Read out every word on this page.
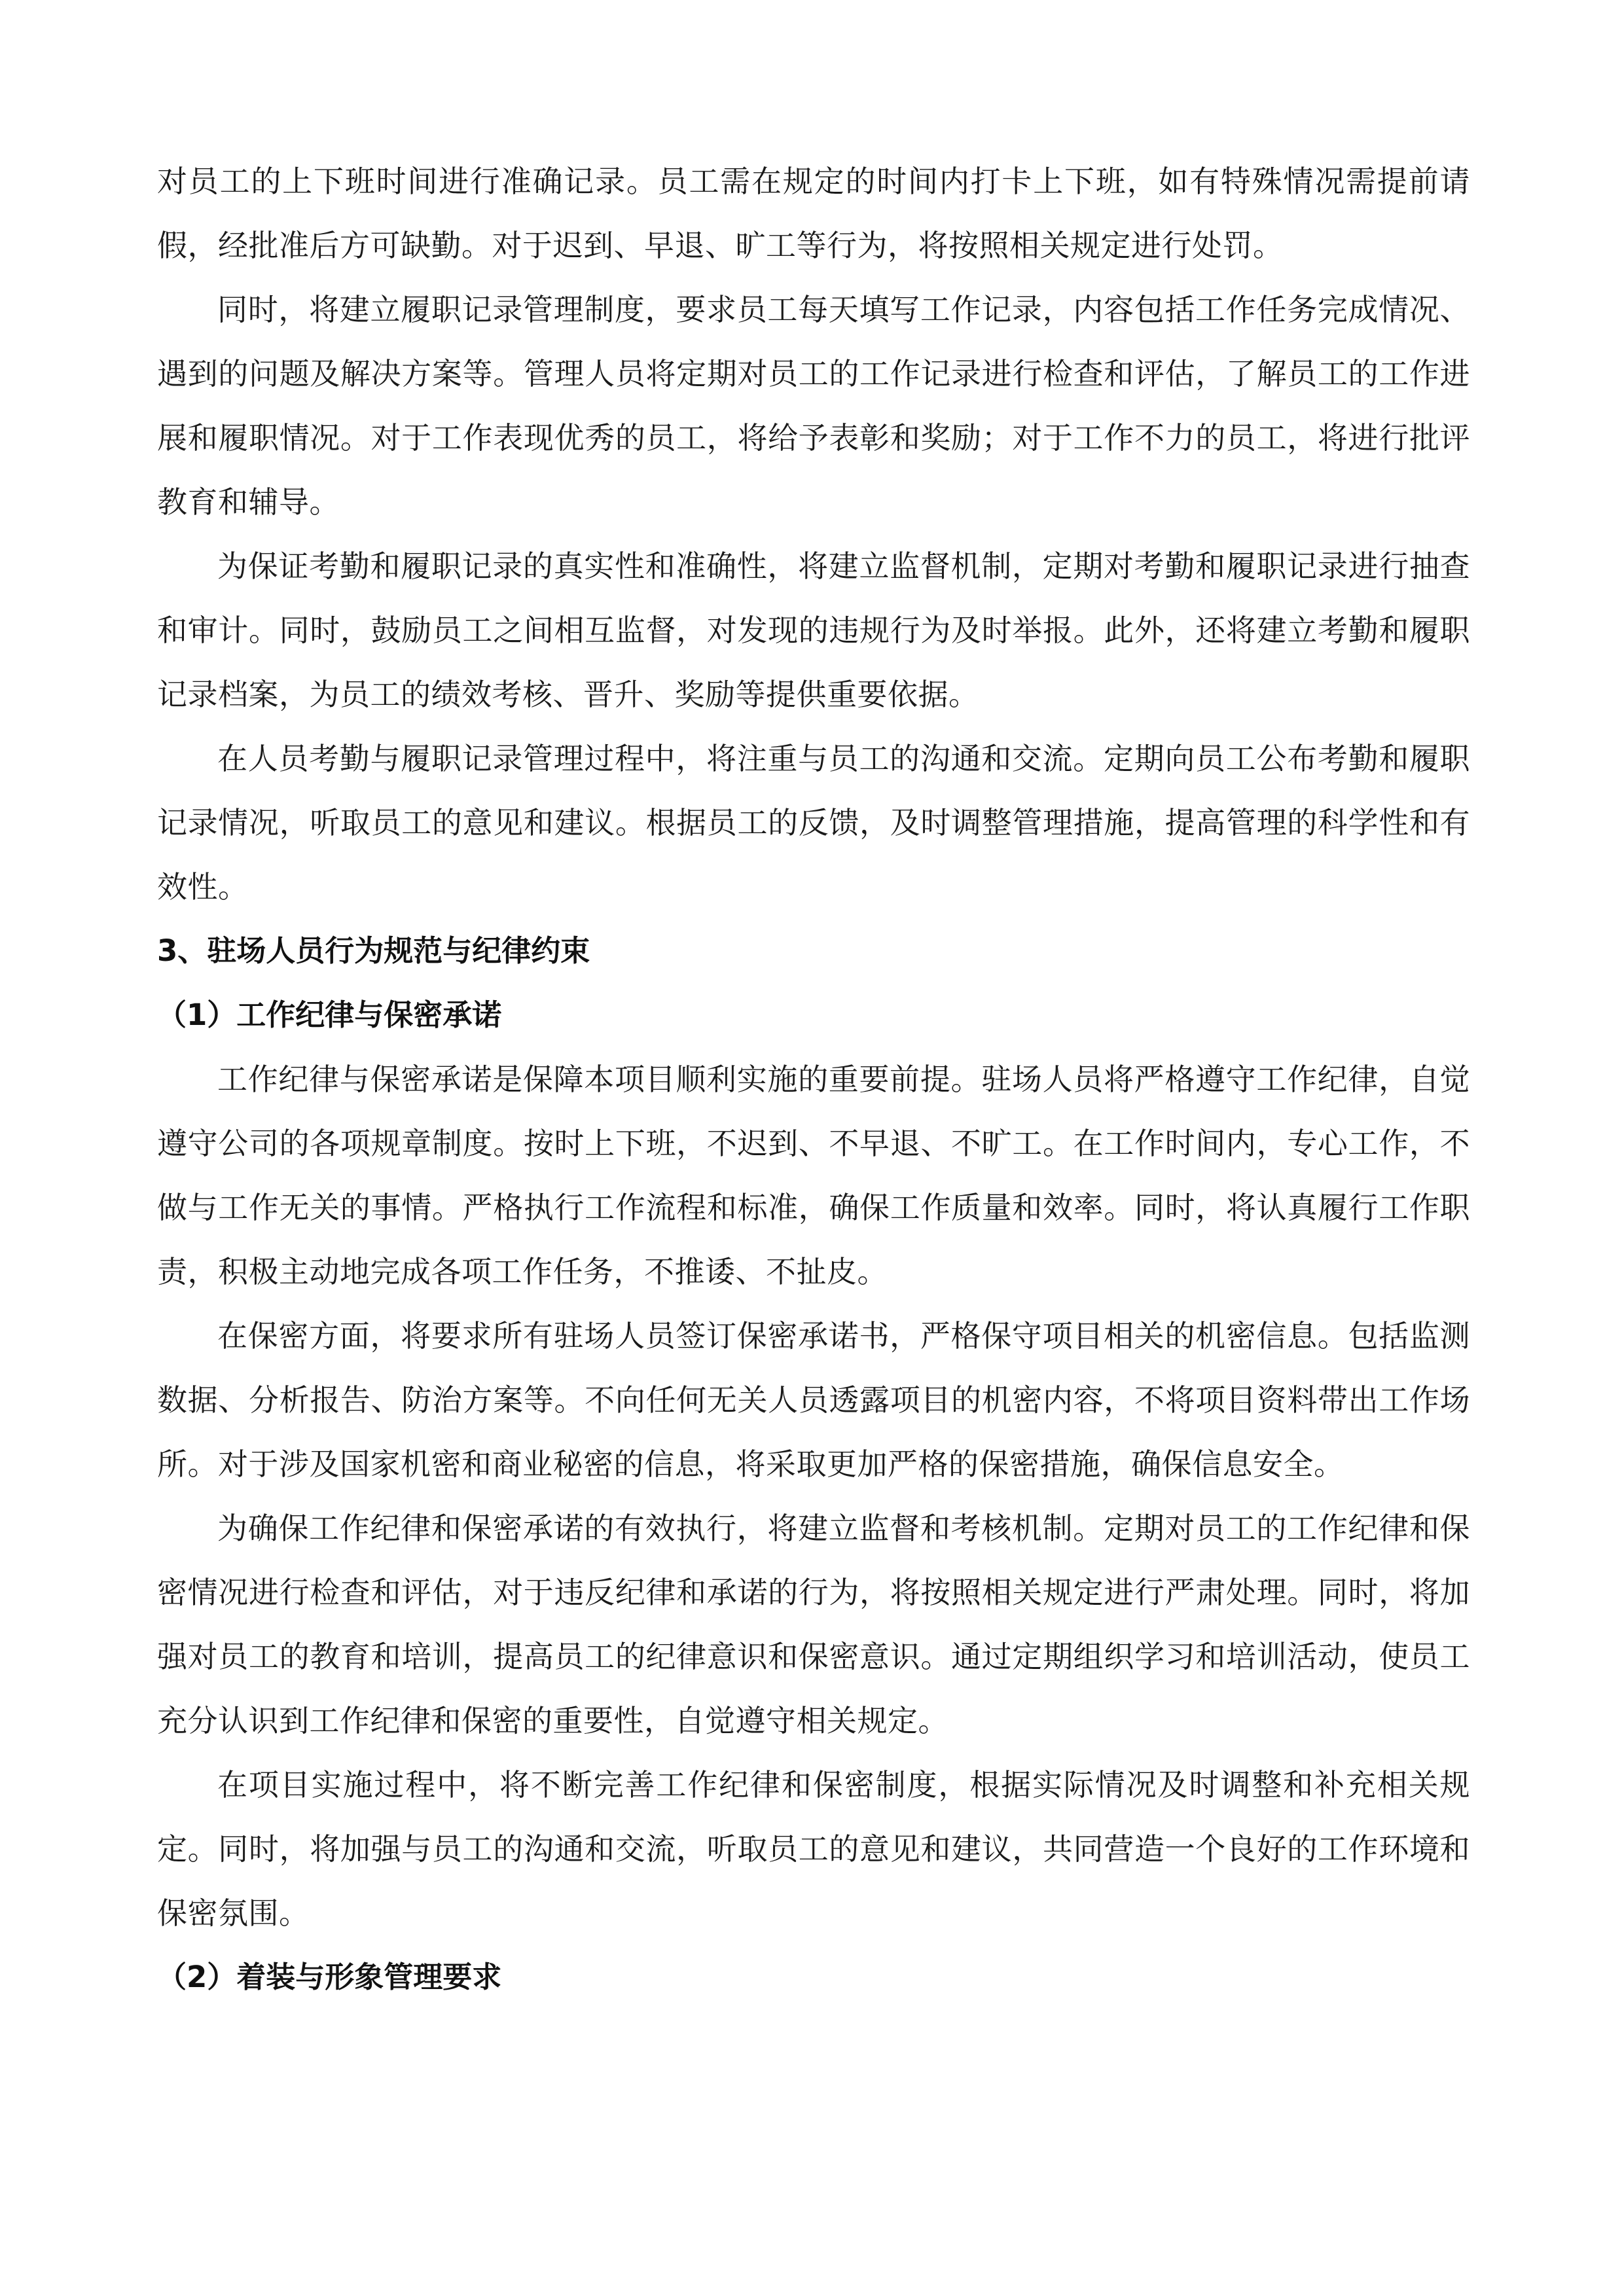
对员工的上下班时间进行准确记录。员工需在规定的时间内打卡上下班，如有特殊情况需提前请假，经批准后方可缺勤。对于迟到、早退、旷工等行为，将按照相关规定进行处罚。

同时，将建立履职记录管理制度，要求员工每天填写工作记录，内容包括工作任务完成情况、遇到的问题及解决方案等。管理人员将定期对员工的工作记录进行检查和评估，了解员工的工作进展和履职情况。对于工作表现优秀的员工，将给予表彰和奖励；对于工作不力的员工，将进行批评教育和辅导。

为保证考勤和履职记录的真实性和准确性，将建立监督机制，定期对考勤和履职记录进行抽查和审计。同时，鼓励员工之间相互监督，对发现的违规行为及时举报。此外，还将建立考勤和履职记录档案，为员工的绩效考核、晋升、奖励等提供重要依据。

在人员考勤与履职记录管理过程中，将注重与员工的沟通和交流。定期向员工公布考勤和履职记录情况，听取员工的意见和建议。根据员工的反馈，及时调整管理措施，提高管理的科学性和有效性。

3、驻场人员行为规范与纪律约束
（1）工作纪律与保密承诺

工作纪律与保密承诺是保障本项目顺利实施的重要前提。驻场人员将严格遵守工作纪律，自觉遵守公司的各项规章制度。按时上下班，不迟到、不早退、不旷工。在工作时间内，专心工作，不做与工作无关的事情。严格执行工作流程和标准，确保工作质量和效率。同时，将认真履行工作职责，积极主动地完成各项工作任务，不推诿、不扯皮。

在保密方面，将要求所有驻场人员签订保密承诺书，严格保守项目相关的机密信息。包括监测数据、分析报告、防治方案等。不向任何无关人员透露项目的机密内容，不将项目资料带出工作场所。对于涉及国家机密和商业秘密的信息，将采取更加严格的保密措施，确保信息安全。

为确保工作纪律和保密承诺的有效执行，将建立监督和考核机制。定期对员工的工作纪律和保密情况进行检查和评估，对于违反纪律和承诺的行为，将按照相关规定进行严肃处理。同时，将加强对员工的教育和培训，提高员工的纪律意识和保密意识。通过定期组织学习和培训活动，使员工充分认识到工作纪律和保密的重要性，自觉遵守相关规定。

在项目实施过程中，将不断完善工作纪律和保密制度，根据实际情况及时调整和补充相关规定。同时，将加强与员工的沟通和交流，听取员工的意见和建议，共同营造一个良好的工作环境和保密氛围。

（2）着装与形象管理要求
